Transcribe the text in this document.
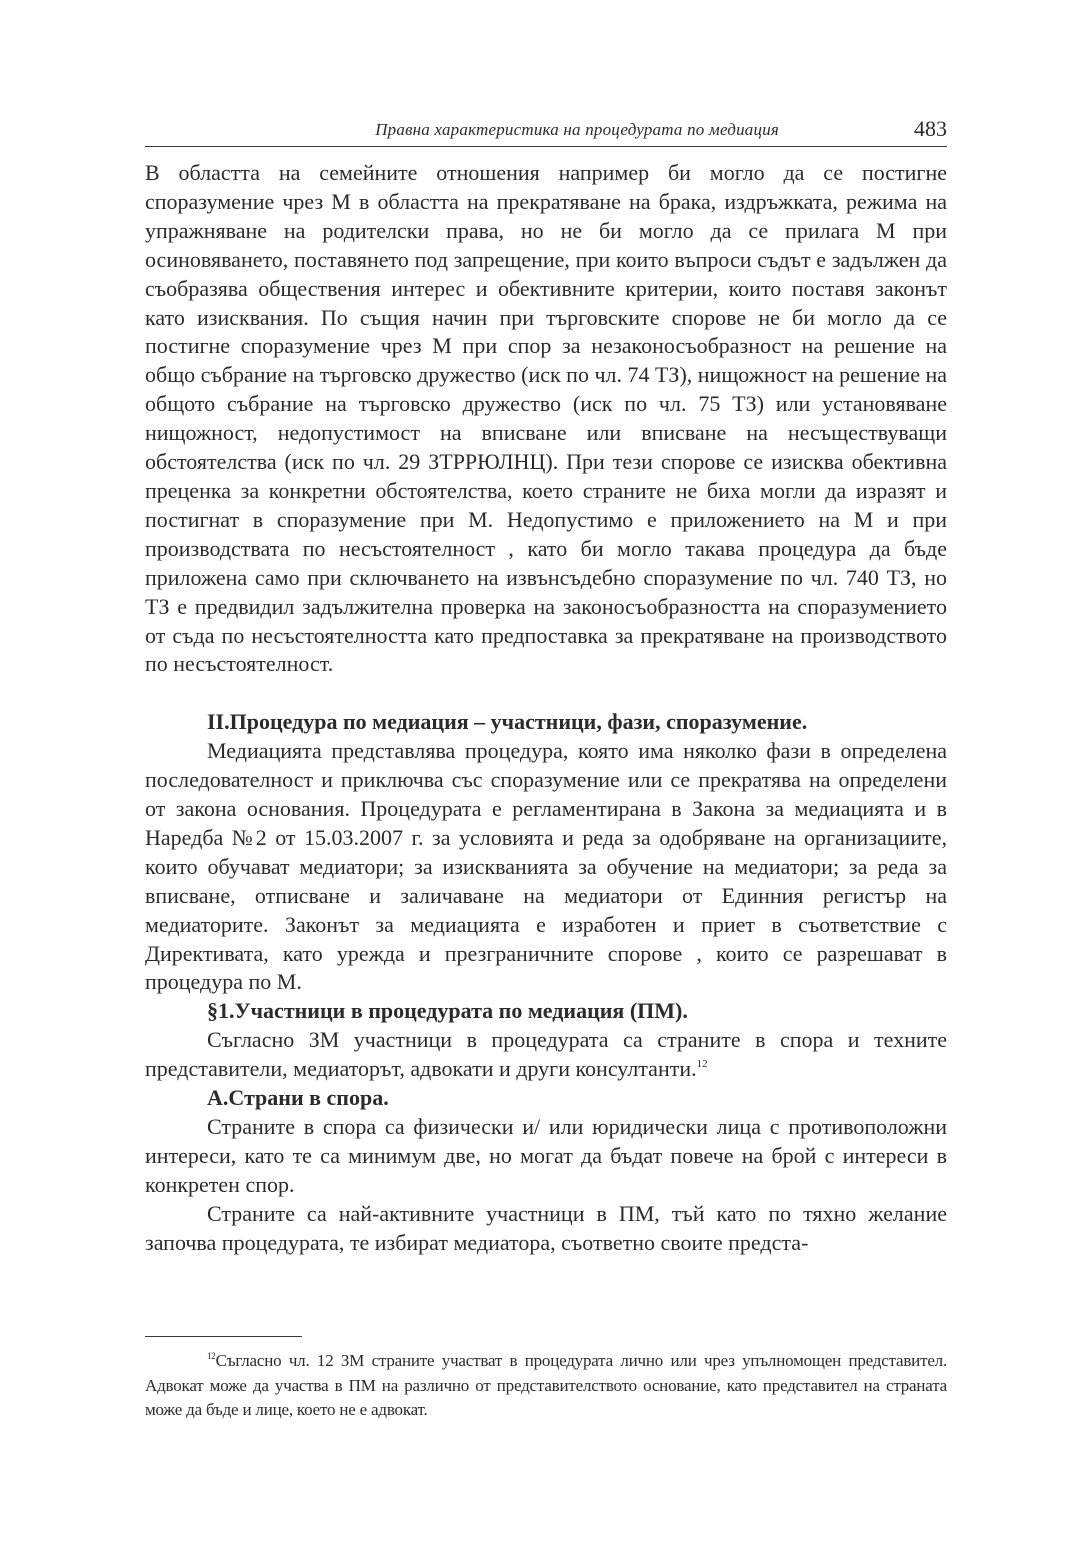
Правна характеристика на процедурата по медиация	483

В областта на семейните отношения например би могло да се постигне споразумение чрез М в областта на прекратяване на брака, издръжката, режима на упражняване на родителски права, но не би могло да се прилага М при осиновяването, поставянето под запрещение, при които въпроси съдът е задължен да съобразява обществения интерес и обективните критерии, които поставя законът като изисквания. По същия начин при търговските спорове не би могло да се постигне споразумение чрез М при спор за незаконосъобразност на решение на общо събрание на търговско дружество (иск по чл. 74 ТЗ), нищожност на решение на общото събрание на търговско дружество (иск по чл. 75 ТЗ) или установяване нищожност, недопустимост на вписване или вписване на несъществуващи обстоятелства (иск по чл. 29 ЗТРРЮЛНЦ). При тези спорове се изисква обективна преценка за конкретни обстоятелства, което страните не биха могли да изразят и постигнат в споразумение при М. Недопустимо е приложението на М и при производствата по несъстоятелност , като би могло такава процедура да бъде приложена само при сключването на извънсъдебно споразумение по чл. 740 ТЗ, но ТЗ е предвидил задължителна проверка на законосъобразността на споразумението от съда по несъстоятелността като предпоставка за прекратяване на производството по несъстоятелност.

II.Процедура по медиация – участници, фази, споразумение.

Медиацията представлява процедура, която има няколко фази в определена последователност и приключва със споразумение или се прекратява на определени от закона основания. Процедурата е регламентирана в Закона за медиацията и в Наредба №2 от 15.03.2007 г. за условията и реда за одобряване на организациите, които обучават медиатори; за изискванията за обучение на медиатори; за реда за вписване, отписване и заличаване на медиатори от Единния регистър на медиаторите. Законът за медиацията е изработен и приет в съответствие с Директивата, като урежда и презграничните спорове , които се разрешават в процедура по М.

§1.Участници в процедурата по медиация (ПМ).

Съгласно ЗМ участници в процедурата са страните в спора и техните представители, медиаторът, адвокати и други консултанти.$^{12}$

А.Страни в спора.

Страните в спора са физически и/ или юридически лица с противоположни интереси, като те са минимум две, но могат да бъдат повече на брой с интереси в конкретен спор.

Страните са най-активните участници в ПМ, тъй като по тяхно желание започва процедурата, те избират медиатора, съответно своите предста-

$^{12}$Съгласно чл. 12 ЗМ страните участват в процедурата лично или чрез упълномощен представител. Адвокат може да участва в ПМ на различно от представителството основание, като представител на страната може да бъде и лице, което не е адвокат.
